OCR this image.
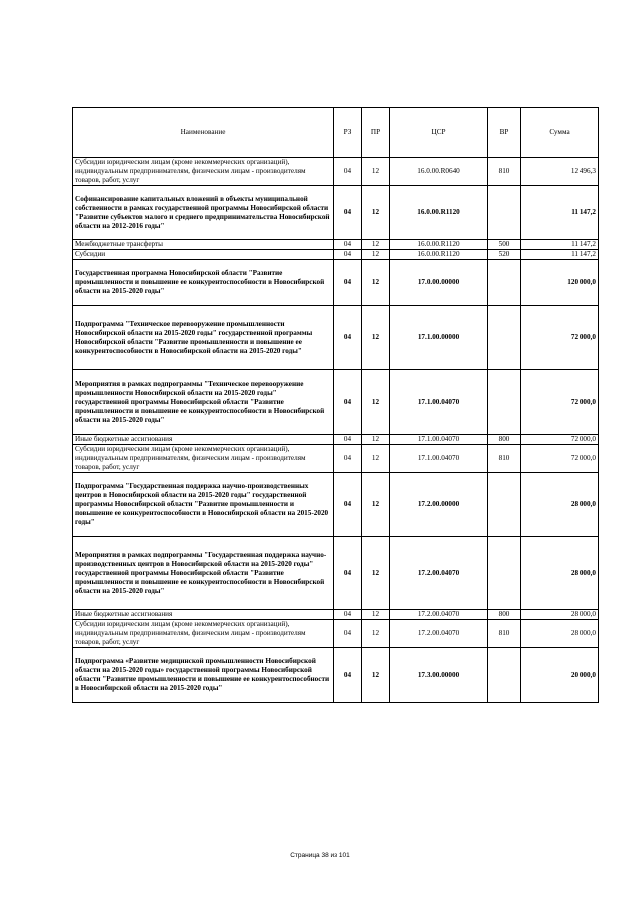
Наименование	РЗ	ПР	ЦСР	ВР	Сумма
Субсидии юридическим лицам (кроме некоммерческих организаций), индивидуальным предпринимателям, физическим лицам - производителям товаров, работ, услуг	04	12	16.0.00.R0640	810	12 496,3
Софинансирование капитальных вложений в объекты муниципальной собственности в рамках государственной программы Новосибирской области "Развитие субъектов малого и среднего предпринимательства Новосибирской области на 2012-2016 годы"	04	12	16.0.00.R1120		11 147,2
Межбюджетные трансферты	04	12	16.0.00.R1120	500	11 147,2
Субсидии	04	12	16.0.00.R1120	520	11 147,2
Государственная программа Новосибирской области "Развитие промышленности и повышение ее конкурентоспособности в Новосибирской области на 2015-2020 годы"	04	12	17.0.00.00000		120 000,0
Подпрограмма "Техническое перевооружение промышленности Новосибирской области на 2015-2020 годы" государственной программы Новосибирской области "Развитие промышленности и повышение ее конкурентоспособности в Новосибирской области на 2015-2020 годы"	04	12	17.1.00.00000		72 000,0
Мероприятия в рамках подпрограммы "Техническое перевооружение промышленности Новосибирской области на 2015-2020 годы" государственной программы Новосибирской области "Развитие промышленности и повышение ее конкурентоспособности в Новосибирской области на 2015-2020 годы"	04	12	17.1.00.04070		72 000,0
Иные бюджетные ассигнования	04	12	17.1.00.04070	800	72 000,0
Субсидии юридическим лицам (кроме некоммерческих организаций), индивидуальным предпринимателям, физическим лицам - производителям товаров, работ, услуг	04	12	17.1.00.04070	810	72 000,0
Подпрограмма "Государственная поддержка научно-производственных центров в Новосибирской области на 2015-2020 годы" государственной программы Новосибирской области "Развитие промышленности и повышение ее конкурентоспособности в Новосибирской области на 2015-2020 годы"	04	12	17.2.00.00000		28 000,0
Мероприятия в рамках подпрограммы "Государственная поддержка научно-производственных центров в Новосибирской области на 2015-2020 годы" государственной программы Новосибирской области "Развитие промышленности и повышение ее конкурентоспособности в Новосибирской области на 2015-2020 годы"	04	12	17.2.00.04070		28 000,0
Иные бюджетные ассигнования	04	12	17.2.00.04070	800	28 000,0
Субсидии юридическим лицам (кроме некоммерческих организаций), индивидуальным предпринимателям, физическим лицам - производителям товаров, работ, услуг	04	12	17.2.00.04070	810	28 000,0
Подпрограмма «Развитие медицинской промышленности Новосибирской области на 2015-2020 годы» государственной программы Новосибирской области "Развитие промышленности и повышение ее конкурентоспособности в Новосибирской области на 2015-2020 годы"	04	12	17.3.00.00000		20 000,0
Страница 38 из 101
